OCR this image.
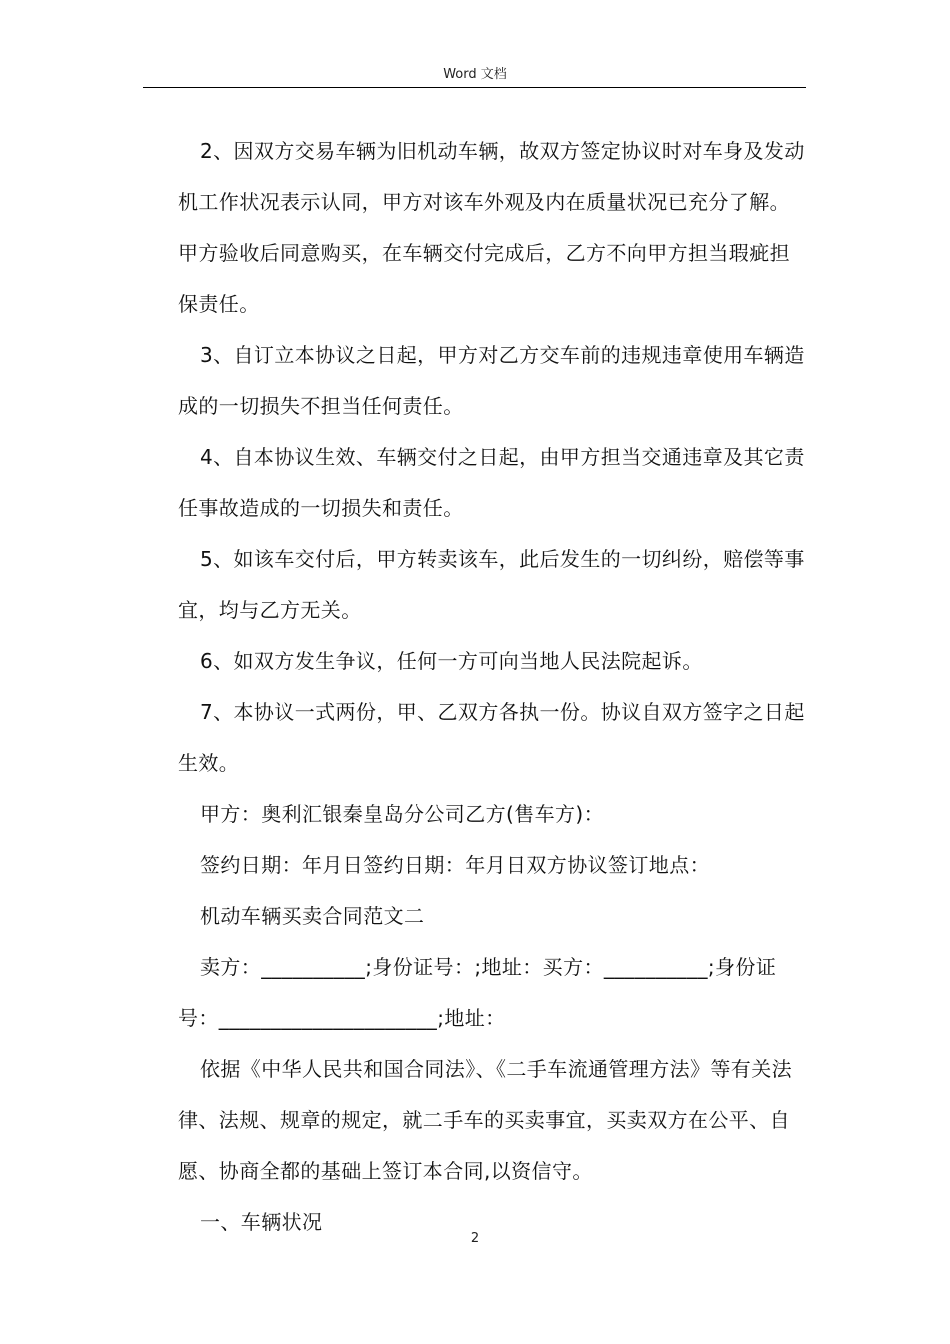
Word 文档

2、因双方交易车辆为旧机动车辆，故双方签定协议时对车身及发动机工作状况表示认同，甲方对该车外观及内在质量状况已充分了解。甲方验收后同意购买，在车辆交付完成后，乙方不向甲方担当瑕疵担保责任。

3、自订立本协议之日起，甲方对乙方交车前的违规违章使用车辆造成的一切损失不担当任何责任。

4、自本协议生效、车辆交付之日起，由甲方担当交通违章及其它责任事故造成的一切损失和责任。

5、如该车交付后，甲方转卖该车，此后发生的一切纠纷，赔偿等事宜，均与乙方无关。

6、如双方发生争议，任何一方可向当地人民法院起诉。

7、本协议一式两份，甲、乙双方各执一份。协议自双方签字之日起生效。

甲方：奥利汇银秦皇岛分公司乙方(售车方)：

签约日期：年月日签约日期：年月日双方协议签订地点：

机动车辆买卖合同范文二

卖方：__________;身份证号：;地址：买方：__________;身份证号：_____________________;地址：

依据《中华人民共和国合同法》、《二手车流通管理方法》等有关法律、法规、规章的规定，就二手车的买卖事宜，买卖双方在公平、自愿、协商全都的基础上签订本合同,以资信守。

一、车辆状况

2
